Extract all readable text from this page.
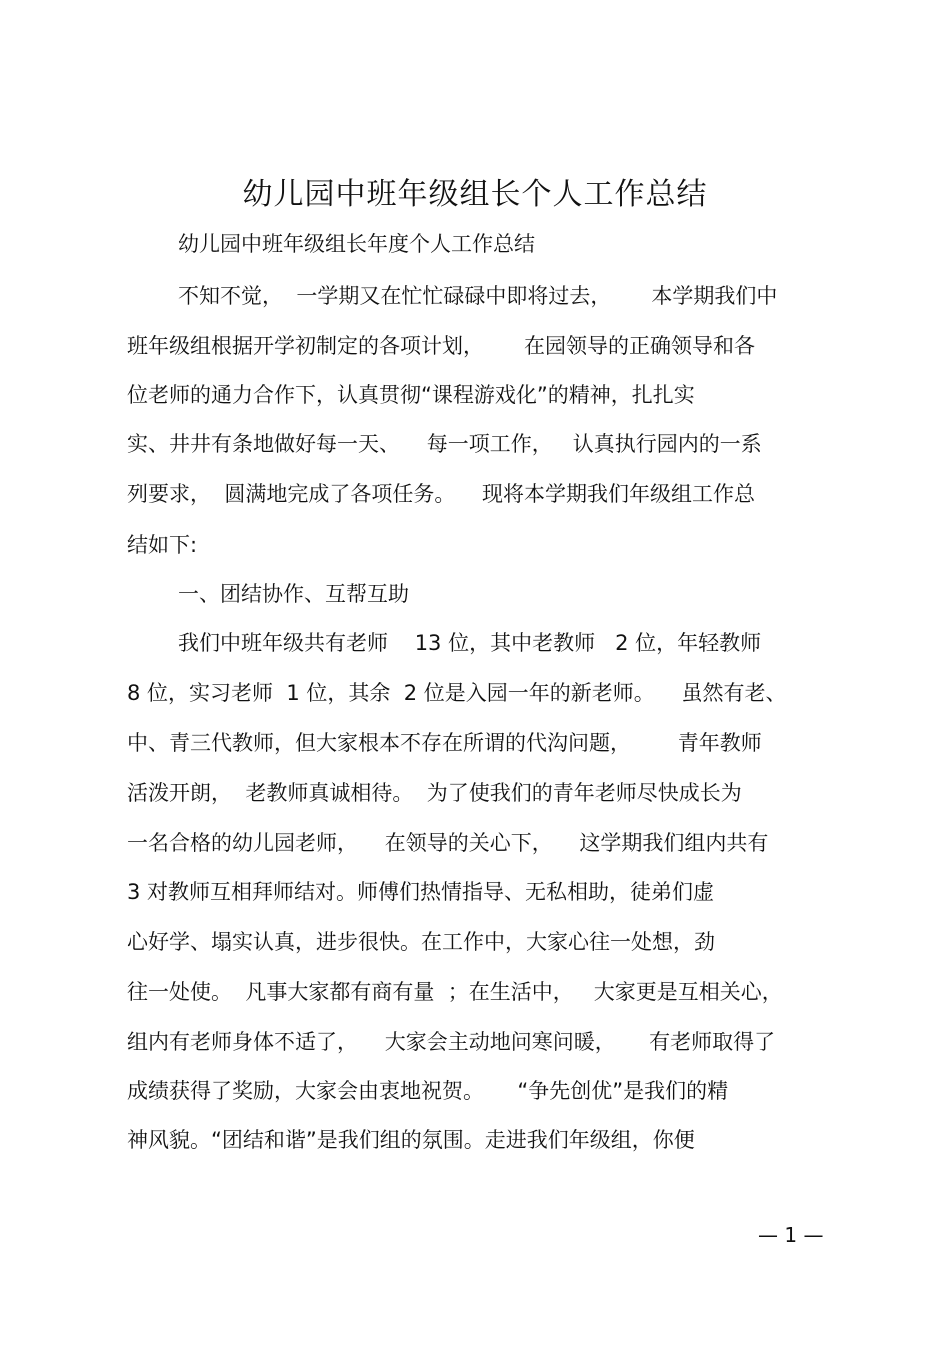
幼儿园中班年级组长个人工作总结
幼儿园中班年级组长年度个人工作总结
不知不觉，  一学期又在忙忙碌碌中即将过去，      本学期我们中
班年级组根据开学初制定的各项计划，      在园领导的正确领导和各
位老师的通力合作下，认真贯彻“课程游戏化”的精神，扎扎实
实、井井有条地做好每一天、    每一项工作，   认真执行园内的一系
列要求，  圆满地完成了各项任务。    现将本学期我们年级组工作总
结如下:
一、团结协作、互帮互助
我们中班年级共有老师    13 位，其中老教师   2 位，年轻教师
8 位，实习老师  1 位，其余  2 位是入园一年的新老师。    虽然有老、
中、青三代教师，但大家根本不存在所谓的代沟问题，       青年教师
活泼开朗，  老教师真诚相待。  为了使我们的青年老师尽快成长为
一名合格的幼儿园老师，    在领导的关心下，    这学期我们组内共有
3 对教师互相拜师结对。师傅们热情指导、无私相助，徒弟们虚
心好学、塌实认真，进步很快。在工作中，大家心往一处想，劲
往一处使。  凡事大家都有商有量  ；在生活中，   大家更是互相关心，
组内有老师身体不适了，    大家会主动地问寒问暖，     有老师取得了
成绩获得了奖励，大家会由衷地祝贺。     “争先创优”是我们的精
神风貌。“团结和谐”是我们组的氛围。走进我们年级组，你便
— 1 —
